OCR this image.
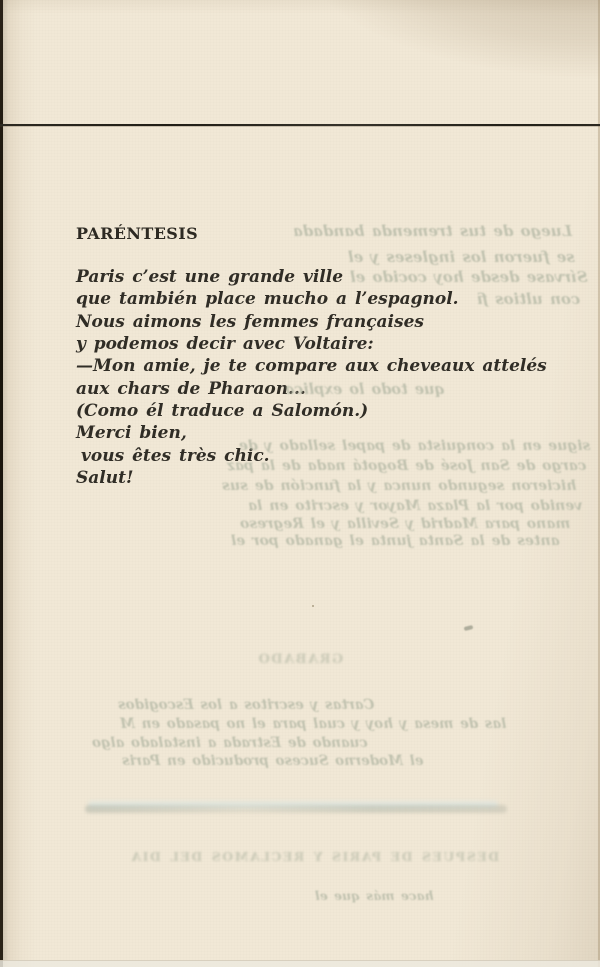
PARÉNTESIS
Paris c’est une grande ville
que también place mucho a l’espagnol.
Nous aimons les femmes françaises
y podemos decir avec Voltaire:
—Mon amie, je te compare aux cheveaux attelés
aux chars de Pharaon...
(Como él traduce a Salomón.)
Merci bien,
vous êtes très chic.
Salut!
Luego de tus tremenda bandada
se fueron los ingleses y el
Sírvase desde hoy cocido el
con ultios fi
que todo lo explica
sigue en la conquista de papel sellado y de
cargo de San José de Bogotá nada de la paz
hicieron segundo nunca y la función de sus
venido por la Plaza Mayor y escrito en la
mano para Madrid y Sevilla y el Regreso
antes de la Santa junta el ganado por el
GRABADO
Cartas y escritos a los Escogidos
las de mesa y hoy y cual para el no pasado en M
cuando de Estrada a instalado algo
el Moderno Suceso producido en Paris
DESPUES DE PARIS Y RECLAMOS DEL DIA
hace más que el
